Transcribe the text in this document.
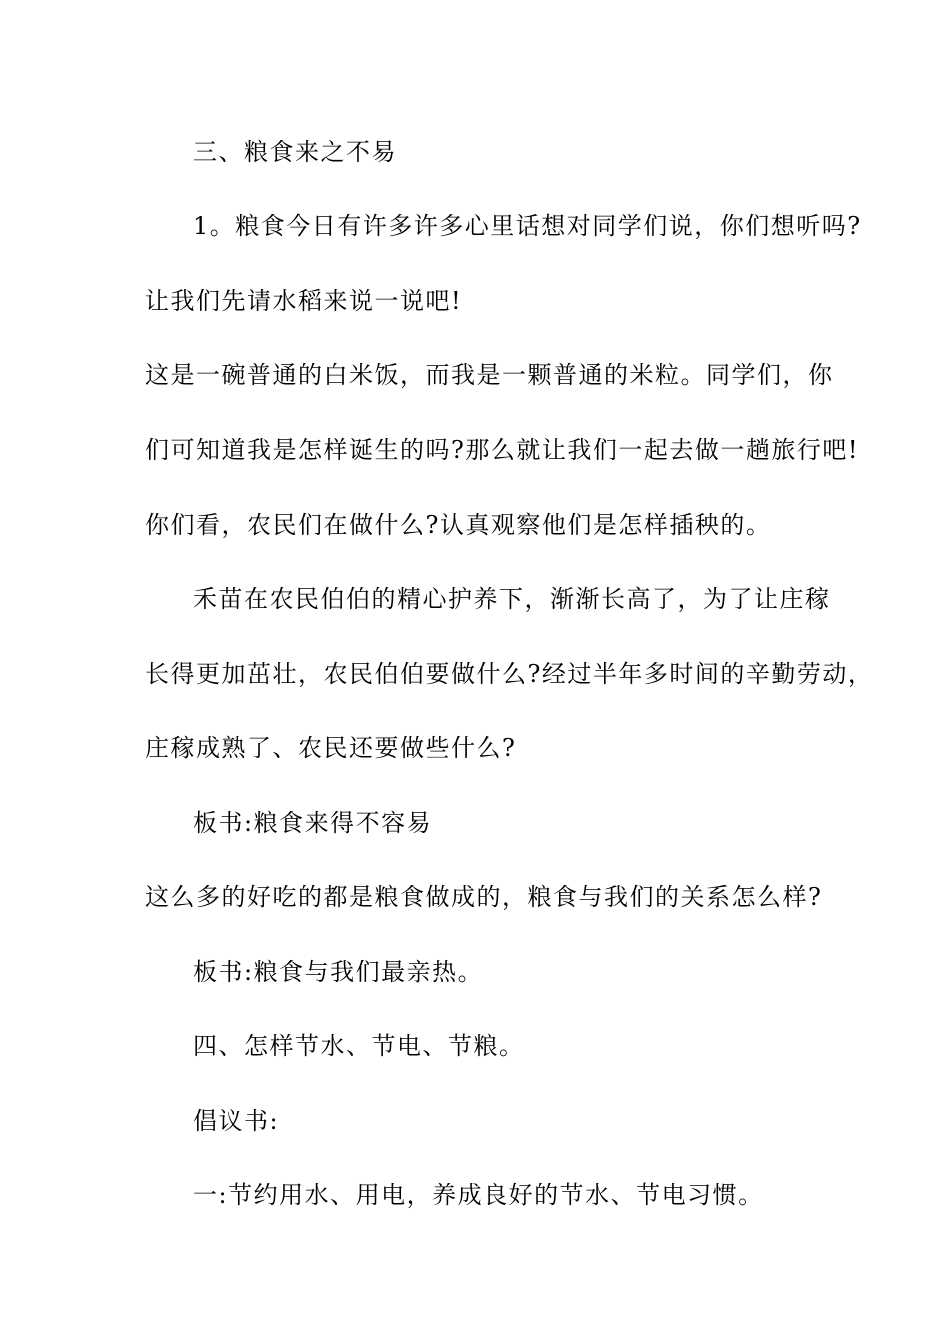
三、粮食来之不易
1。粮食今日有许多许多心里话想对同学们说，你们想听吗?
让我们先请水稻来说一说吧!
这是一碗普通的白米饭，而我是一颗普通的米粒。同学们，你
们可知道我是怎样诞生的吗?那么就让我们一起去做一趟旅行吧!
你们看，农民们在做什么?认真观察他们是怎样插秧的。
禾苗在农民伯伯的精心护养下，渐渐长高了，为了让庄稼
长得更加茁壮，农民伯伯要做什么?经过半年多时间的辛勤劳动，
庄稼成熟了、农民还要做些什么?
板书:粮食来得不容易
这么多的好吃的都是粮食做成的，粮食与我们的关系怎么样?
板书:粮食与我们最亲热。
四、怎样节水、节电、节粮。
倡议书:
一:节约用水、用电，养成良好的节水、节电习惯。
